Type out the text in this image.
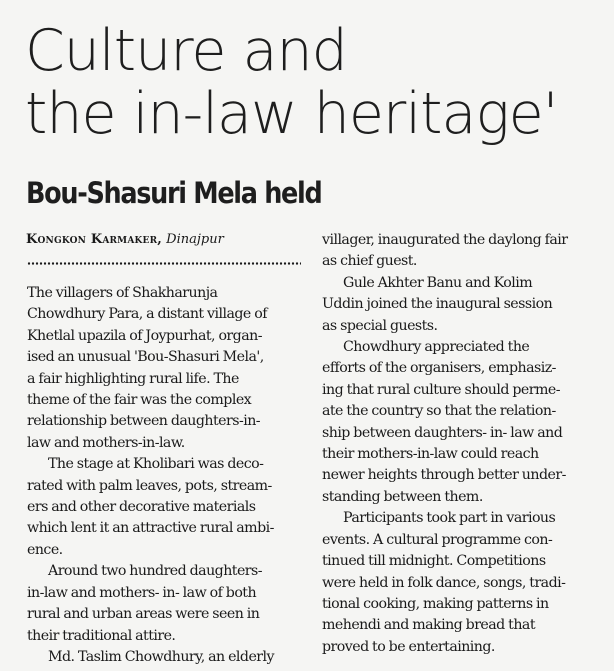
Culture and
the in-law heritage'
Bou-Shasuri Mela held
Kongkon Karmaker, Dinajpur
The villagers of Shakharunja
Chowdhury Para, a distant village of
Khetlal upazila of Joypurhat, organ-
ised an unusual 'Bou-Shasuri Mela',
a fair highlighting rural life. The
theme of the fair was the complex
relationship between daughters-in-
law and mothers-in-law.
The stage at Kholibari was deco-
rated with palm leaves, pots, stream-
ers and other decorative materials
which lent it an attractive rural ambi-
ence.
Around two hundred daughters-
in-law and mothers- in- law of both
rural and urban areas were seen in
their traditional attire.
Md. Taslim Chowdhury, an elderly
villager, inaugurated the daylong fair
as chief guest.
Gule Akhter Banu and Kolim
Uddin joined the inaugural session
as special guests.
Chowdhury appreciated the
efforts of the organisers, emphasiz-
ing that rural culture should perme-
ate the country so that the relation-
ship between daughters- in- law and
their mothers-in-law could reach
newer heights through better under-
standing between them.
Participants took part in various
events. A cultural programme con-
tinued till midnight. Competitions
were held in folk dance, songs, tradi-
tional cooking, making patterns in
mehendi and making bread that
proved to be entertaining.
